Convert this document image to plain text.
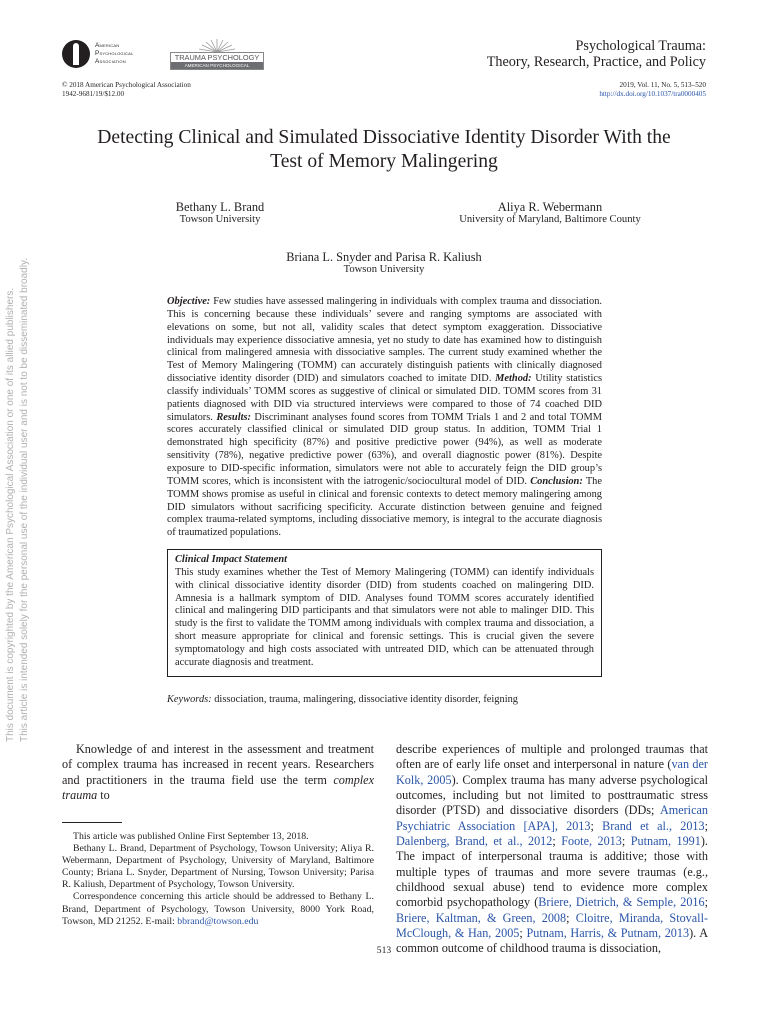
American
Psychological
Association	TRAUMA PSYCHOLOGY
AMERICAN PSYCHOLOGICAL ASSOCIATION
Psychological Trauma:
Theory, Research, Practice, and Policy
© 2018 American Psychological Association
1942-9681/19/$12.00
2019, Vol. 11, No. 5, 513–520
http://dx.doi.org/10.1037/tra0000405
Detecting Clinical and Simulated Dissociative Identity Disorder With the
Test of Memory Malingering
Bethany L. Brand
Towson University
Aliya R. Webermann
University of Maryland, Baltimore County
Briana L. Snyder and Parisa R. Kaliush
Towson University
Objective: Few studies have assessed malingering in individuals with complex trauma and dissociation. This is concerning because these individuals’ severe and ranging symptoms are associated with elevations on some, but not all, validity scales that detect symptom exaggeration. Dissociative individuals may experience dissociative amnesia, yet no study to date has examined how to distinguish clinical from malingered amnesia with dissociative samples. The current study examined whether the Test of Memory Malingering (TOMM) can accurately distinguish patients with clinically diagnosed dissociative identity disorder (DID) and simulators coached to imitate DID. Method: Utility statistics classify individuals’ TOMM scores as suggestive of clinical or simulated DID. TOMM scores from 31 patients diagnosed with DID via structured interviews were compared to those of 74 coached DID simulators. Results: Discriminant analyses found scores from TOMM Trials 1 and 2 and total TOMM scores accurately classified clinical or simulated DID group status. In addition, TOMM Trial 1 demonstrated high specificity (87%) and positive predictive power (94%), as well as moderate sensitivity (78%), negative predictive power (63%), and overall diagnostic power (81%). Despite exposure to DID-specific information, simulators were not able to accurately feign the DID group’s TOMM scores, which is inconsistent with the iatrogenic/sociocultural model of DID. Conclusion: The TOMM shows promise as useful in clinical and forensic contexts to detect memory malingering among DID simulators without sacrificing specificity. Accurate distinction between genuine and feigned complex trauma-related symptoms, including dissociative memory, is integral to the accurate diagnosis of traumatized populations.
Clinical Impact Statement
This study examines whether the Test of Memory Malingering (TOMM) can identify individuals with clinical dissociative identity disorder (DID) from students coached on malingering DID. Amnesia is a hallmark symptom of DID. Analyses found TOMM scores accurately identified clinical and malingering DID participants and that simulators were not able to malinger DID. This study is the first to validate the TOMM among individuals with complex trauma and dissociation, a short measure appropriate for clinical and forensic settings. This is crucial given the severe symptomatology and high costs associated with untreated DID, which can be attenuated through accurate diagnosis and treatment.
Keywords: dissociation, trauma, malingering, dissociative identity disorder, feigning
This document is copyrighted by the American Psychological Association or one of its allied publishers. This article is intended solely for the personal use of the individual user and is not to be disseminated broadly.

Knowledge of and interest in the assessment and treatment of complex trauma has increased in recent years. Researchers and practitioners in the trauma field use the term complex trauma to

This article was published Online First September 13, 2018.

Bethany L. Brand, Department of Psychology, Towson University; Aliya R. Webermann, Department of Psychology, University of Maryland, Baltimore County; Briana L. Snyder, Department of Nursing, Towson University; Parisa R. Kaliush, Department of Psychology, Towson University.

Correspondence concerning this article should be addressed to Bethany L. Brand, Department of Psychology, Towson University, 8000 York Road, Towson, MD 21252. E-mail: bbrand@towson.edu

describe experiences of multiple and prolonged traumas that often are of early life onset and interpersonal in nature (van der Kolk, 2005). Complex trauma has many adverse psychological outcomes, including but not limited to posttraumatic stress disorder (PTSD) and dissociative disorders (DDs; American Psychiatric Association [APA], 2013; Brand et al., 2013; Dalenberg, Brand, et al., 2012; Foote, 2013; Putnam, 1991). The impact of interpersonal trauma is additive; those with multiple types of traumas and more severe traumas (e.g., childhood sexual abuse) tend to evidence more complex comorbid psychopathology (Briere, Dietrich, & Semple, 2016; Briere, Kaltman, & Green, 2008; Cloitre, Miranda, Stovall-McClough, & Han, 2005; Putnam, Harris, & Putnam, 2013). A common outcome of childhood trauma is dissociation,
513
